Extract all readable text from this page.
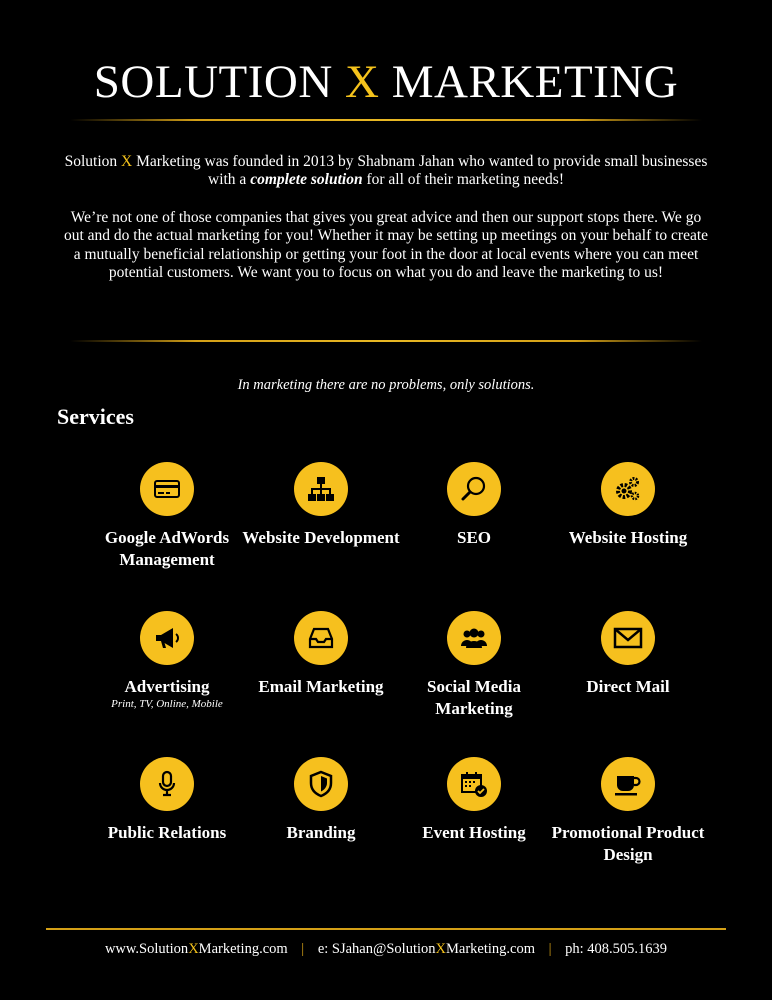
SOLUTION X MARKETING
Solution X Marketing was founded in 2013 by Shabnam Jahan who wanted to provide small businesses with a complete solution for all of their marketing needs!
We’re not one of those companies that gives you great advice and then our support stops there. We go out and do the actual marketing for you! Whether it may be setting up meetings on your behalf to create a mutually beneficial relationship or getting your foot in the door at local events where you can meet potential customers. We want you to focus on what you do and leave the marketing to us!
In marketing there are no problems, only solutions.
Services
Google AdWords Management
Website Development	SEO	Website Hosting
Advertising
Print, TV, Online, Mobile
Email Marketing	Social Media Marketing
Direct Mail
Public Relations	Branding	Event Hosting	Promotional Product Design
www.SolutionXMarketing.com | e: SJahan@SolutionXMarketing.com | ph: 408.505.1639
